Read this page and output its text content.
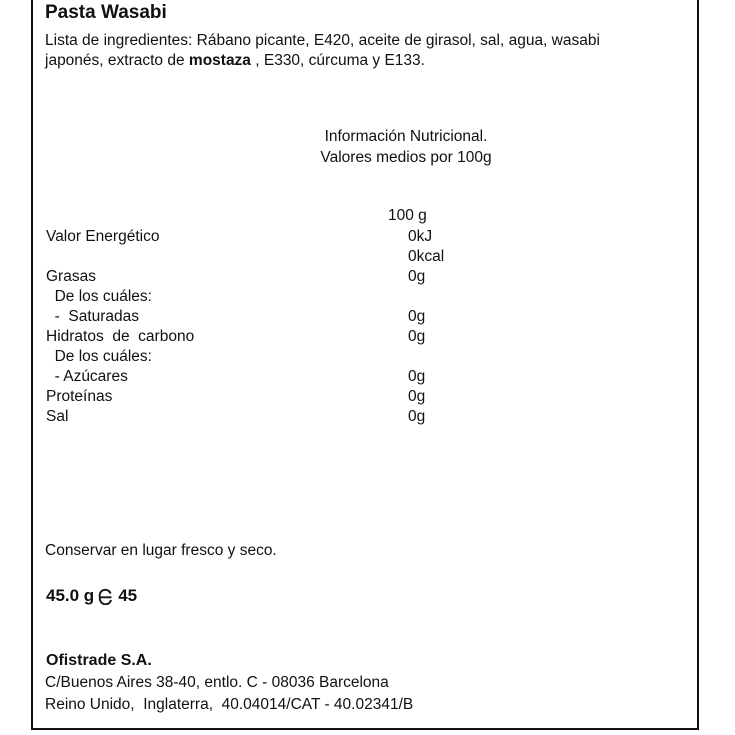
Pasta Wasabi
Lista de ingredientes: Rábano picante, E420, aceite de girasol, sal, agua, wasabi
japonés, extracto de mostaza , E330, cúrcuma y E133.
Información Nutricional.
Valores medios por 100g
100 g
Valor Energético	0kJ
0kcal
Grasas	0g
De los cuáles:
-  Saturadas	0g
Hidratos  de  carbono	0g
De los cuáles:
- Azúcares	0g
Proteínas	0g
Sal	0g
Conservar en lugar fresco y seco.
45.0 g 45
Ofistrade S.A.
C/Buenos Aires 38-40, entlo. C - 08036 Barcelona
Reino Unido,  Inglaterra,  40.04014/CAT - 40.02341/B
